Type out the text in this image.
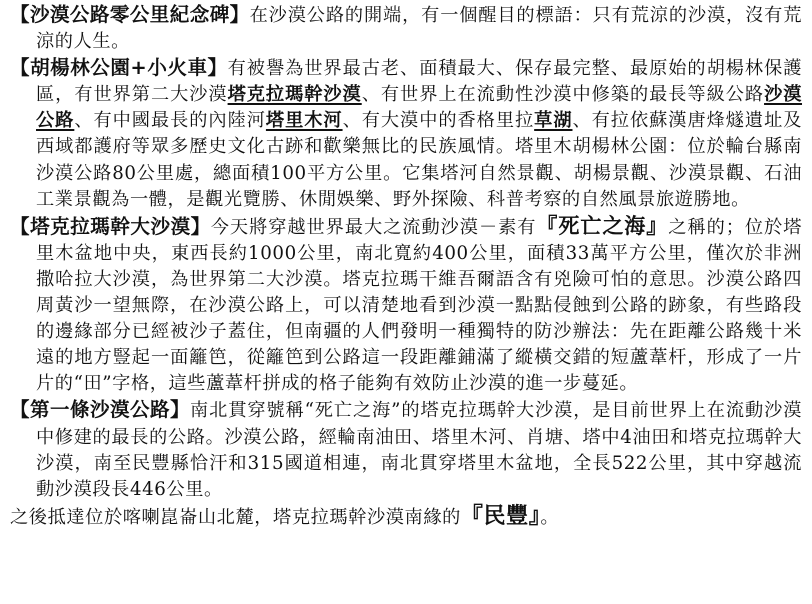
【沙漠公路零公里紀念碑】在沙漠公路的開端，有一個醒目的標語：只有荒涼的沙漠，沒有荒涼的人生。

【胡楊林公園+小火車】有被譽為世界最古老、面積最大、保存最完整、最原始的胡楊林保護區，有世界第二大沙漠塔克拉瑪幹沙漠、有世界上在流動性沙漠中修築的最長等級公路沙漠公路、有中國最長的內陸河塔里木河、有大漠中的香格里拉草湖、有拉依蘇漢唐烽燧遺址及西域都護府等眾多歷史文化古跡和歡樂無比的民族風情。塔里木胡楊林公園：位於輪台縣南沙漠公路80公里處，總面積100平方公里。它集塔河自然景觀、胡楊景觀、沙漠景觀、石油工業景觀為一體，是觀光覽勝、休閒娛樂、野外探險、科普考察的自然風景旅遊勝地。

【塔克拉瑪幹大沙漠】今天將穿越世界最大之流動沙漠－素有『死亡之海』之稱的；位於塔里木盆地中央，東西長約1000公里，南北寬約400公里，面積33萬平方公里，僅次於非洲撒哈拉大沙漠，為世界第二大沙漠。塔克拉瑪干維吾爾語含有兇險可怕的意思。沙漠公路四周黃沙一望無際，在沙漠公路上，可以清楚地看到沙漠一點點侵蝕到公路的跡象，有些路段的邊緣部分已經被沙子蓋住，但南疆的人們發明一種獨特的防沙辦法：先在距離公路幾十米遠的地方豎起一面籬笆，從籬笆到公路這一段距離鋪滿了縱橫交錯的短蘆葦杆，形成了一片片的“田”字格，這些蘆葦杆拼成的格子能夠有效防止沙漠的進一步蔓延。

【第一條沙漠公路】南北貫穿號稱“死亡之海”的塔克拉瑪幹大沙漠，是目前世界上在流動沙漠中修建的最長的公路。沙漠公路，經輪南油田、塔里木河、肖塘、塔中4油田和塔克拉瑪幹大沙漠，南至民豐縣恰汗和315國道相連，南北貫穿塔里木盆地，全長522公里，其中穿越流動沙漠段長446公里。

之後抵達位於喀喇崑崙山北麓，塔克拉瑪幹沙漠南緣的『民豐』。
